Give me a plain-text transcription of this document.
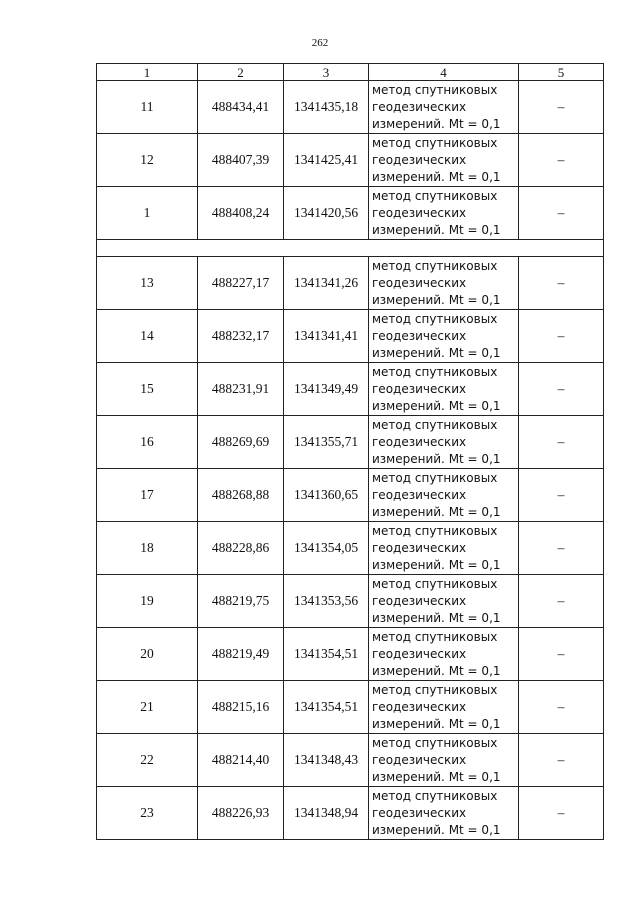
262
1	2	3	4	5
11	488434,41	1341435,18	метод спутниковых геодезических измерений. Mt = 0,1	–
12	488407,39	1341425,41	метод спутниковых геодезических измерений. Mt = 0,1	–
1	488408,24	1341420,56	метод спутниковых геодезических измерений. Mt = 0,1	–

13	488227,17	1341341,26	метод спутниковых геодезических измерений. Mt = 0,1	–
14	488232,17	1341341,41	метод спутниковых геодезических измерений. Mt = 0,1	–
15	488231,91	1341349,49	метод спутниковых геодезических измерений. Mt = 0,1	–
16	488269,69	1341355,71	метод спутниковых геодезических измерений. Mt = 0,1	–
17	488268,88	1341360,65	метод спутниковых геодезических измерений. Mt = 0,1	–
18	488228,86	1341354,05	метод спутниковых геодезических измерений. Mt = 0,1	–
19	488219,75	1341353,56	метод спутниковых геодезических измерений. Mt = 0,1	–
20	488219,49	1341354,51	метод спутниковых геодезических измерений. Mt = 0,1	–
21	488215,16	1341354,51	метод спутниковых геодезических измерений. Mt = 0,1	–
22	488214,40	1341348,43	метод спутниковых геодезических измерений. Mt = 0,1	–
23	488226,93	1341348,94	метод спутниковых геодезических измерений. Mt = 0,1	–
